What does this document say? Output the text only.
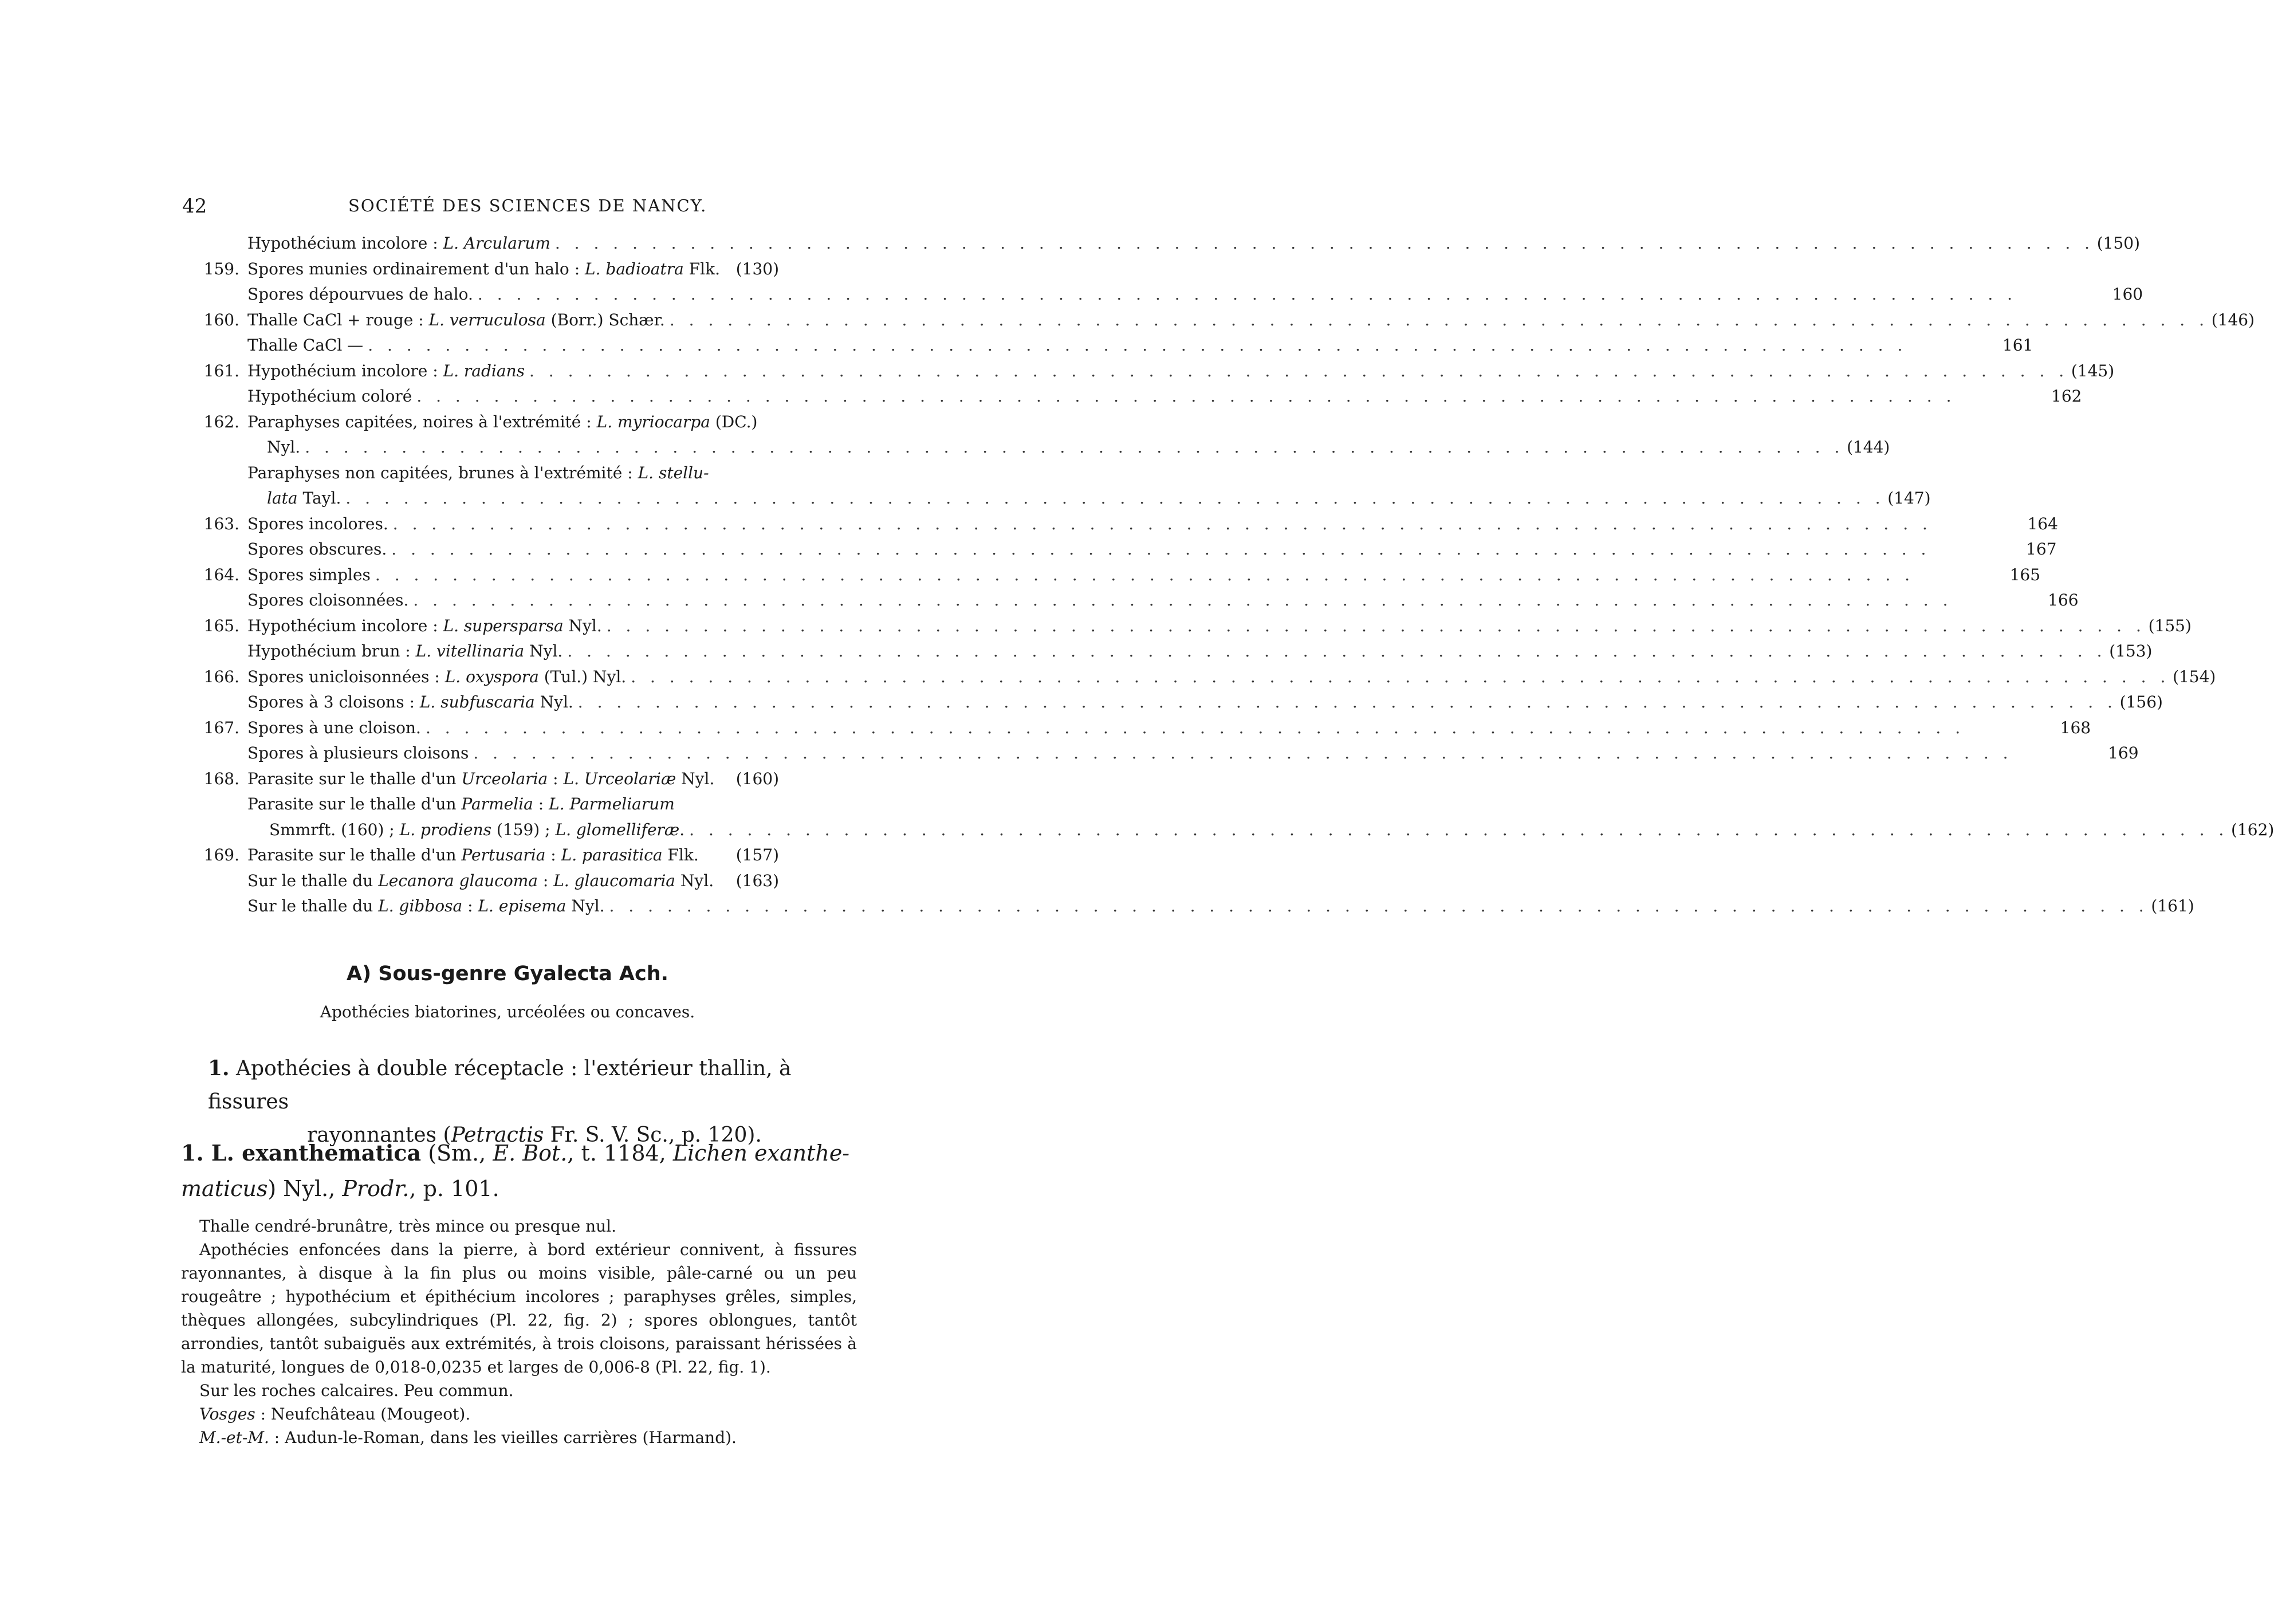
42	SOCIÉTÉ DES SCIENCES DE NANCY.
Hypothécium incolore : L. Arcularum . . . . . . . . . . . . . . . . . . . . . . . . . . . . . . . . . . . . . . . . . . . . . . . . . . . . . . . . . . . . . . . . . . . . . . . . . . . . . . . . (150)
159. Spores munies ordinairement d'un halo : L. badioatra Flk. (130)
Spores dépourvues de halo. . . . . . . . . . . . . . . . . . . . . . . . . . . . . . . . . . . . . . . . . . . . . . . . . . . . . . . . . . . . . . . . . . . . . . . . . . . . . . . . .	160
160. Thalle CaCl + rouge : L. verruculosa (Borr.) Schær. . . . . . . . . . . . . . . . . . . . . . . . . . . . . . . . . . . . . . . . . . . . . . . . . . . . . . . . . . . . . . . . . . . . . . . . . . . . . . . . . (146)
Thalle CaCl — . . . . . . . . . . . . . . . . . . . . . . . . . . . . . . . . . . . . . . . . . . . . . . . . . . . . . . . . . . . . . . . . . . . . . . . . . . . . . . . .	161
161. Hypothécium incolore : L. radians . . . . . . . . . . . . . . . . . . . . . . . . . . . . . . . . . . . . . . . . . . . . . . . . . . . . . . . . . . . . . . . . . . . . . . . . . . . . . . . . (145)
Hypothécium coloré . . . . . . . . . . . . . . . . . . . . . . . . . . . . . . . . . . . . . . . . . . . . . . . . . . . . . . . . . . . . . . . . . . . . . . . . . . . . . . . .	162
162. Paraphyses capitées, noires à l'extrémité : L. myriocarpa (DC.)
Nyl. . . . . . . . . . . . . . . . . . . . . . . . . . . . . . . . . . . . . . . . . . . . . . . . . . . . . . . . . . . . . . . . . . . . . . . . . . . . . . . . . (144)
Paraphyses non capitées, brunes à l'extrémité : L. stellu-
lata Tayl. . . . . . . . . . . . . . . . . . . . . . . . . . . . . . . . . . . . . . . . . . . . . . . . . . . . . . . . . . . . . . . . . . . . . . . . . . . . . . . . . (147)
163. Spores incolores. . . . . . . . . . . . . . . . . . . . . . . . . . . . . . . . . . . . . . . . . . . . . . . . . . . . . . . . . . . . . . . . . . . . . . . . . . . . . . . . .	164
Spores obscures. . . . . . . . . . . . . . . . . . . . . . . . . . . . . . . . . . . . . . . . . . . . . . . . . . . . . . . . . . . . . . . . . . . . . . . . . . . . . . . . .	167
164. Spores simples . . . . . . . . . . . . . . . . . . . . . . . . . . . . . . . . . . . . . . . . . . . . . . . . . . . . . . . . . . . . . . . . . . . . . . . . . . . . . . . .	165
Spores cloisonnées. . . . . . . . . . . . . . . . . . . . . . . . . . . . . . . . . . . . . . . . . . . . . . . . . . . . . . . . . . . . . . . . . . . . . . . . . . . . . . . . .	166
165. Hypothécium incolore : L. supersparsa Nyl. . . . . . . . . . . . . . . . . . . . . . . . . . . . . . . . . . . . . . . . . . . . . . . . . . . . . . . . . . . . . . . . . . . . . . . . . . . . . . . . . (155)
Hypothécium brun : L. vitellinaria Nyl. . . . . . . . . . . . . . . . . . . . . . . . . . . . . . . . . . . . . . . . . . . . . . . . . . . . . . . . . . . . . . . . . . . . . . . . . . . . . . . . . (153)
166. Spores unicloisonnées : L. oxyspora (Tul.) Nyl. . . . . . . . . . . . . . . . . . . . . . . . . . . . . . . . . . . . . . . . . . . . . . . . . . . . . . . . . . . . . . . . . . . . . . . . . . . . . . . . . (154)
Spores à 3 cloisons : L. subfuscaria Nyl. . . . . . . . . . . . . . . . . . . . . . . . . . . . . . . . . . . . . . . . . . . . . . . . . . . . . . . . . . . . . . . . . . . . . . . . . . . . . . . . . (156)
167. Spores à une cloison. . . . . . . . . . . . . . . . . . . . . . . . . . . . . . . . . . . . . . . . . . . . . . . . . . . . . . . . . . . . . . . . . . . . . . . . . . . . . . . . .	168
Spores à plusieurs cloisons . . . . . . . . . . . . . . . . . . . . . . . . . . . . . . . . . . . . . . . . . . . . . . . . . . . . . . . . . . . . . . . . . . . . . . . . . . . . . . . .	169
168. Parasite sur le thalle d'un Urceolaria : L. Urceolariæ Nyl. (160)
Parasite sur le thalle d'un Parmelia : L. Parmeliarum
Smmrft. (160) ; L. prodiens (159) ; L. glomelliferæ. . . . . . . . . . . . . . . . . . . . . . . . . . . . . . . . . . . . . . . . . . . . . . . . . . . . . . . . . . . . . . . . . . . . . . . . . . . . . . . . . (162)
169. Parasite sur le thalle d'un Pertusaria : L. parasitica Flk. (157)
Sur le thalle du Lecanora glaucoma : L. glaucomaria Nyl. (163)
Sur le thalle du L. gibbosa : L. episema Nyl. . . . . . . . . . . . . . . . . . . . . . . . . . . . . . . . . . . . . . . . . . . . . . . . . . . . . . . . . . . . . . . . . . . . . . . . . . . . . . . . . (161)
A) Sous-genre Gyalecta Ach.
Apothécies biatorines, urcéolées ou concaves.
1. Apothécies à double réceptacle : l'extérieur thallin, à fissures
rayonnantes (Petractis Fr. S. V. Sc., p. 120).
1. L. exanthematica (Sm., E. Bot., t. 1184, Lichen exanthe-maticus) Nyl., Prodr., p. 101.

Thalle cendré-brunâtre, très mince ou presque nul.

Apothécies enfoncées dans la pierre, à bord extérieur connivent, à fissures rayonnantes, à disque à la fin plus ou moins visible, pâle-carné ou un peu rougeâtre ; hypothécium et épithécium incolores ; paraphyses grêles, simples, thèques allongées, subcylindriques (Pl. 22, fig. 2) ; spores oblongues, tantôt arrondies, tantôt subaiguës aux extrémités, à trois cloisons, paraissant hérissées à la maturité, longues de 0,018-0,0235 et larges de 0,006-8 (Pl. 22, fig. 1).

Sur les roches calcaires. Peu commun.

Vosges : Neufchâteau (Mougeot).

M.-et-M. : Audun-le-Roman, dans les vieilles carrières (Harmand).
